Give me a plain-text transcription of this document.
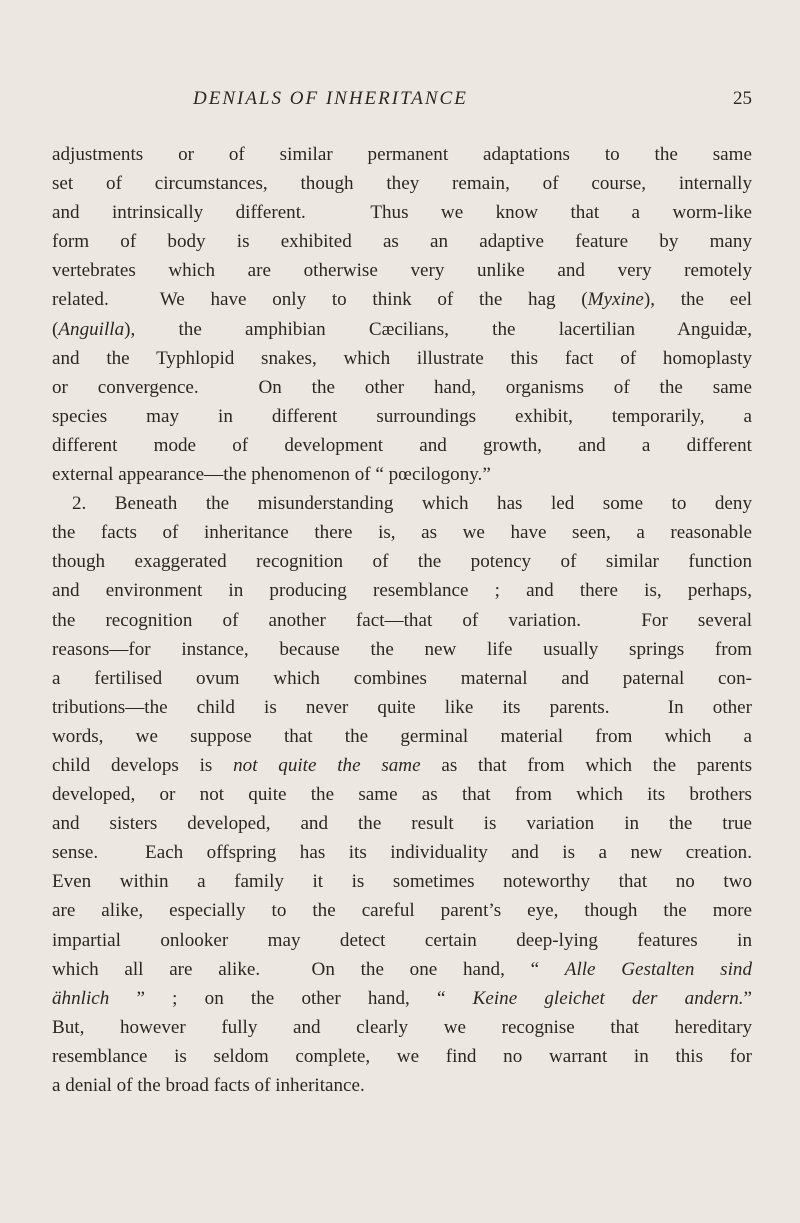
DENIALS OF INHERITANCE	25
adjustments or of similar permanent adaptations to the same
set of circumstances, though they remain, of course, internally
and intrinsically different.  Thus we know that a worm-like
form of body is exhibited as an adaptive feature by many
vertebrates which are otherwise very unlike and very remotely
related.  We have only to think of the hag (Myxine), the eel
(Anguilla), the amphibian Cæcilians, the lacertilian Anguidæ,
and the Typhlopid snakes, which illustrate this fact of homoplasty
or convergence.  On the other hand, organisms of the same
species may in different surroundings exhibit, temporarily, a
different mode of development and growth, and a different
external appearance—the phenomenon of “ pœcilogony.”
2. Beneath the misunderstanding which has led some to deny
the facts of inheritance there is, as we have seen, a reasonable
though exaggerated recognition of the potency of similar function
and environment in producing resemblance ; and there is, perhaps,
the recognition of another fact—that of variation.  For several
reasons—for instance, because the new life usually springs from
a fertilised ovum which combines maternal and paternal con-
tributions—the child is never quite like its parents.  In other
words, we suppose that the germinal material from which a
child develops is not quite the same as that from which the parents
developed, or not quite the same as that from which its brothers
and sisters developed, and the result is variation in the true
sense.  Each offspring has its individuality and is a new creation.
Even within a family it is sometimes noteworthy that no two
are alike, especially to the careful parent’s eye, though the more
impartial onlooker may detect certain deep-lying features in
which all are alike.  On the one hand, “ Alle Gestalten sind
ähnlich ” ; on the other hand, “ Keine gleichet der andern.”
But, however fully and clearly we recognise that hereditary
resemblance is seldom complete, we find no warrant in this for
a denial of the broad facts of inheritance.
